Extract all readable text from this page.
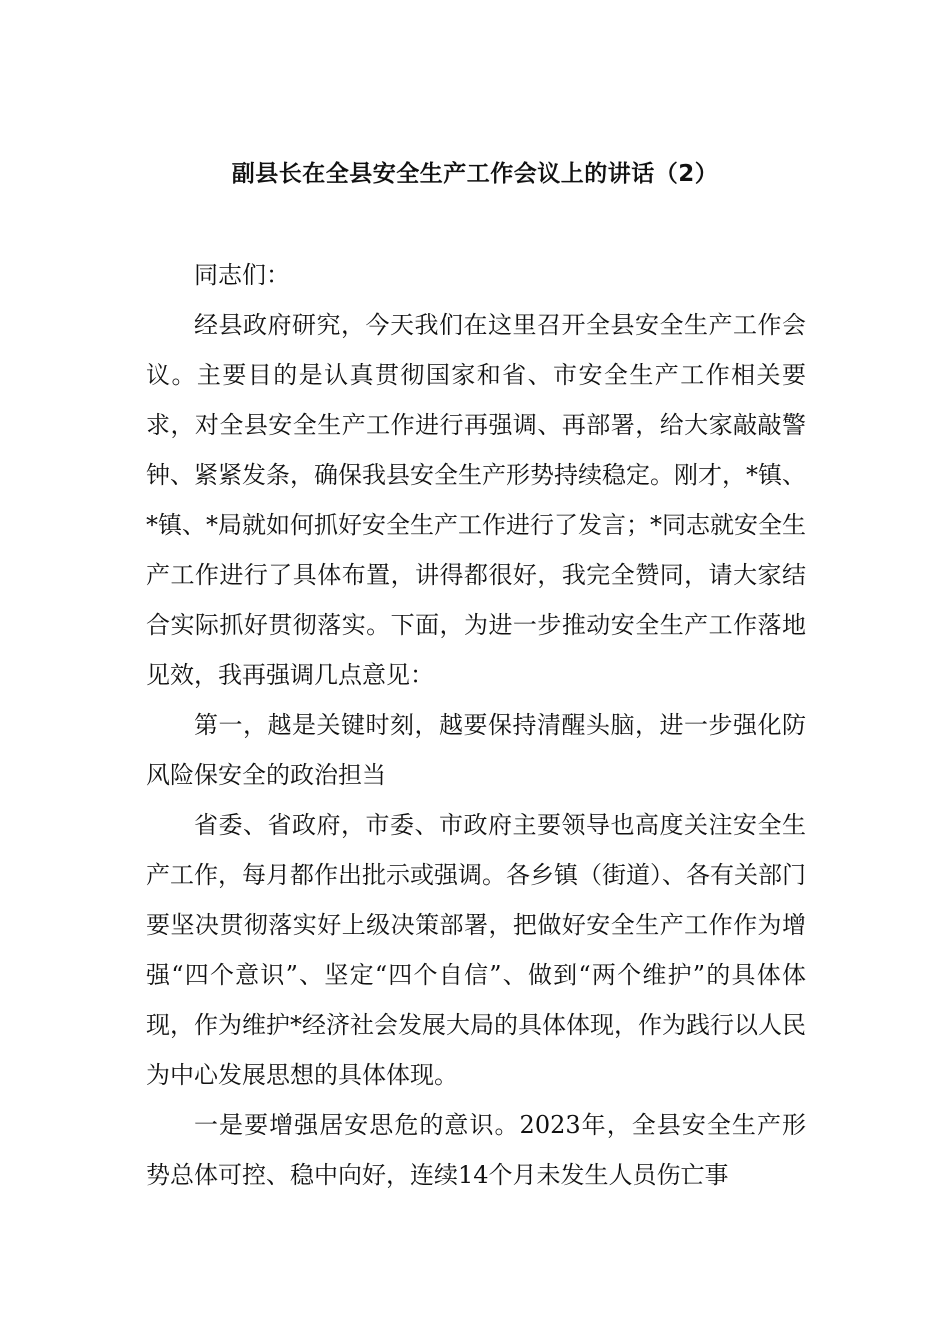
副县长在全县安全生产工作会议上的讲话（2）

同志们：

经县政府研究，今天我们在这里召开全县安全生产工作会议。主要目的是认真贯彻国家和省、市安全生产工作相关要求，对全县安全生产工作进行再强调、再部署，给大家敲敲警钟、紧紧发条，确保我县安全生产形势持续稳定。刚才，*镇、*镇、*局就如何抓好安全生产工作进行了发言；*同志就安全生产工作进行了具体布置，讲得都很好，我完全赞同，请大家结合实际抓好贯彻落实。下面，为进一步推动安全生产工作落地见效，我再强调几点意见：

第一，越是关键时刻，越要保持清醒头脑，进一步强化防风险保安全的政治担当

省委、省政府，市委、市政府主要领导也高度关注安全生产工作，每月都作出批示或强调。各乡镇（街道）、各有关部门要坚决贯彻落实好上级决策部署，把做好安全生产工作作为增强“四个意识”、坚定“四个自信”、做到“两个维护”的具体体现，作为维护*经济社会发展大局的具体体现，作为践行以人民为中心发展思想的具体体现。

一是要增强居安思危的意识。2023年，全县安全生产形势总体可控、稳中向好，连续14个月未发生人员伤亡事
